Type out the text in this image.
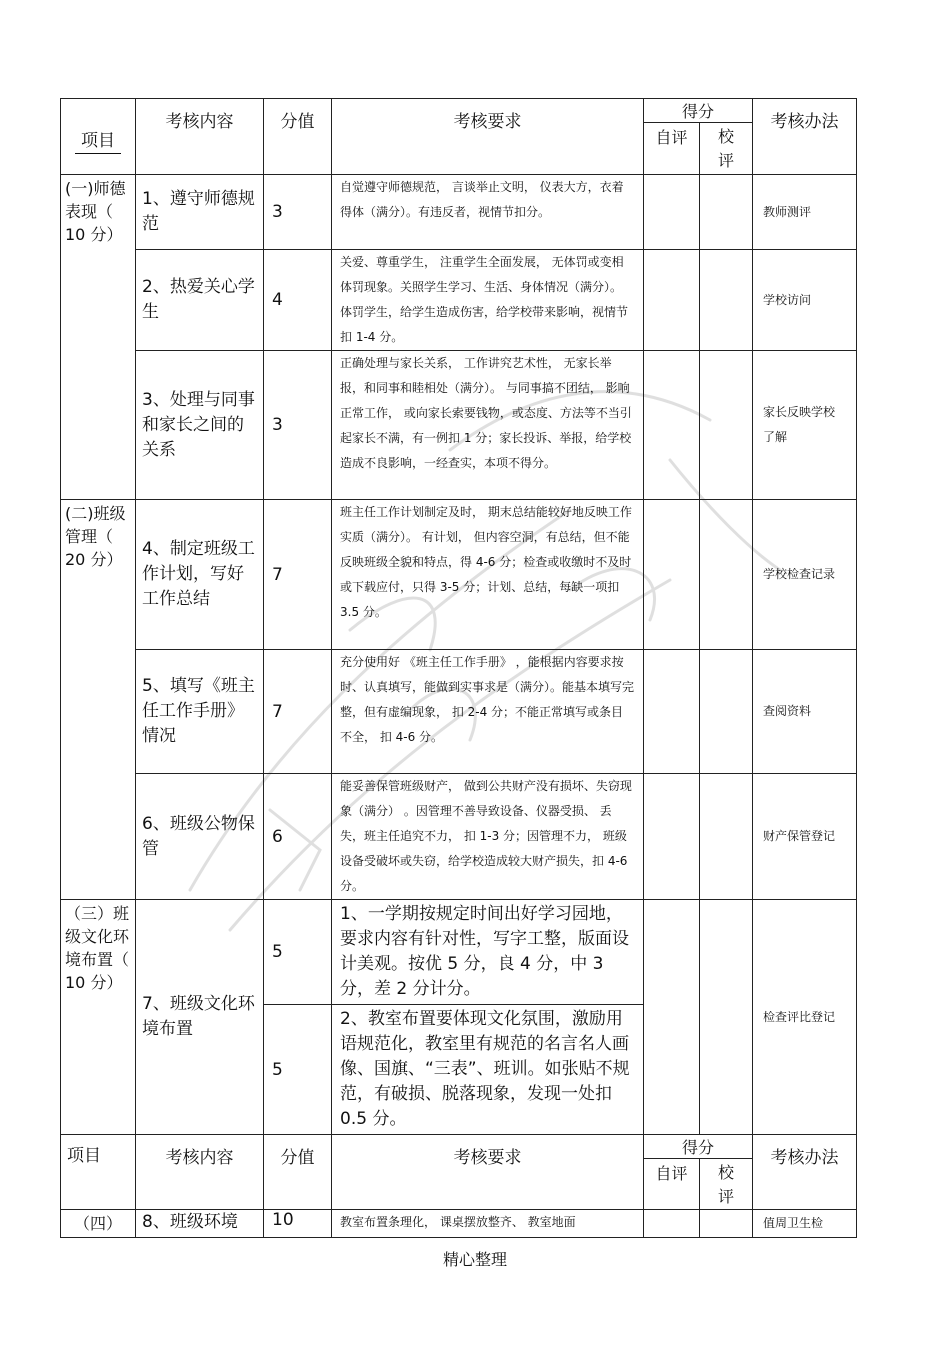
项目	考核内容	分值	考核要求	得分		考核办法
				自评	校评	
(一)师德表现（ 10 分）	1、遵守师德规范	3	自觉遵守师德规范， 言谈举止文明， 仪表大方，衣着得体（满分）。有违反者，视情节扣分。			教师测评
	2、热爱关心学生	4	关爱、尊重学生， 注重学生全面发展， 无体罚或变相体罚现象。关照学生学习、生活、身体情况（满分）。 体罚学生，给学生造成伤害，给学校带来影响，视情节扣 1-4 分。			学校访问
	3、处理与同事和家长之间的关系	3	正确处理与家长关系， 工作讲究艺术性， 无家长举报，和同事和睦相处（满分）。 与同事搞不团结， 影响正常工作， 或向家长索要钱物，或态度、方法等不当引起家长不满，有一例扣 1 分；家长投诉、举报，给学校造成不良影响，一经查实，本项不得分。			家长反映学校了解
(二)班级管理（ 20 分）	4、制定班级工作计划，写好工作总结	7	班主任工作计划制定及时， 期末总结能较好地反映工作实质（满分）。 有计划， 但内容空洞，有总结，但不能反映班级全貌和特点，得 4-6 分；检查或收缴时不及时或下载应付，只得 3-5 分；计划、总结，每缺一项扣 3.5 分。			学校检查记录
	5、填写《班主任工作手册》情况	7	充分使用好 《班主任工作手册》 ，能根据内容要求按时、认真填写，能做到实事求是（满分）。能基本填写完整，但有虚编现象， 扣 2-4 分；不能正常填写或条目不全， 扣 4-6 分。			查阅资料
	6、班级公物保管	6	能妥善保管班级财产， 做到公共财产没有损坏、失窃现象（满分） 。因管理不善导致设备、仪器受损、 丢失，班主任追究不力， 扣 1-3 分；因管理不力， 班级设备受破坏或失窃，给学校造成较大财产损失，扣 4-6 分。			财产保管登记
（三）班级文化环境布置（ 10 分）	7、班级文化环境布置	5	1、一学期按规定时间出好学习园地，要求内容有针对性，写字工整，版面设计美观。按优 5 分，良 4 分，中 3 分，差 2 分计分。			检查评比登记
		5	2、教室布置要体现文化氛围，激励用语规范化，教室里有规范的名言名人画像、国旗、“三表”、班训。如张贴不规范，有破损、脱落现象，发现一处扣 0.5 分。			
项目	考核内容	分值	考核要求	得分		考核办法
				自评	校评	
（四）	8、班级环境	10	教室布置条理化， 课桌摆放整齐、 教室地面			值周卫生检
精心整理
